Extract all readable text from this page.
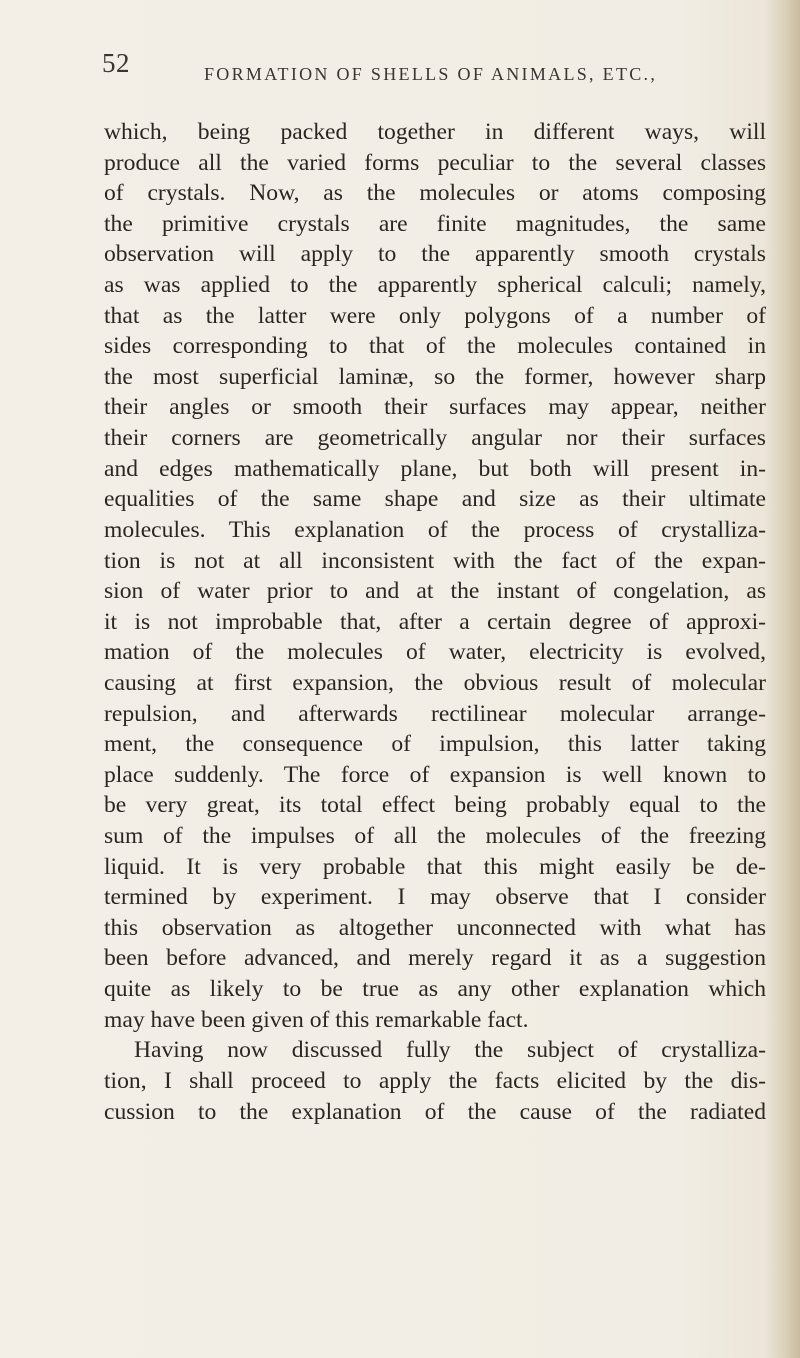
52	FORMATION OF SHELLS OF ANIMALS, ETC.,
which, being packed together in different ways, will
produce all the varied forms peculiar to the several classes
of crystals. Now, as the molecules or atoms composing
the primitive crystals are finite magnitudes, the same
observation will apply to the apparently smooth crystals
as was applied to the apparently spherical calculi; namely,
that as the latter were only polygons of a number of
sides corresponding to that of the molecules contained in
the most superficial laminæ, so the former, however sharp
their angles or smooth their surfaces may appear, neither
their corners are geometrically angular nor their surfaces
and edges mathematically plane, but both will present in-
equalities of the same shape and size as their ultimate
molecules. This explanation of the process of crystalliza-
tion is not at all inconsistent with the fact of the expan-
sion of water prior to and at the instant of congelation, as
it is not improbable that, after a certain degree of approxi-
mation of the molecules of water, electricity is evolved,
causing at first expansion, the obvious result of molecular
repulsion, and afterwards rectilinear molecular arrange-
ment, the consequence of impulsion, this latter taking
place suddenly. The force of expansion is well known to
be very great, its total effect being probably equal to the
sum of the impulses of all the molecules of the freezing
liquid. It is very probable that this might easily be de-
termined by experiment. I may observe that I consider
this observation as altogether unconnected with what has
been before advanced, and merely regard it as a suggestion
quite as likely to be true as any other explanation which
may have been given of this remarkable fact.
Having now discussed fully the subject of crystalliza-
tion, I shall proceed to apply the facts elicited by the dis-
cussion to the explanation of the cause of the radiated
